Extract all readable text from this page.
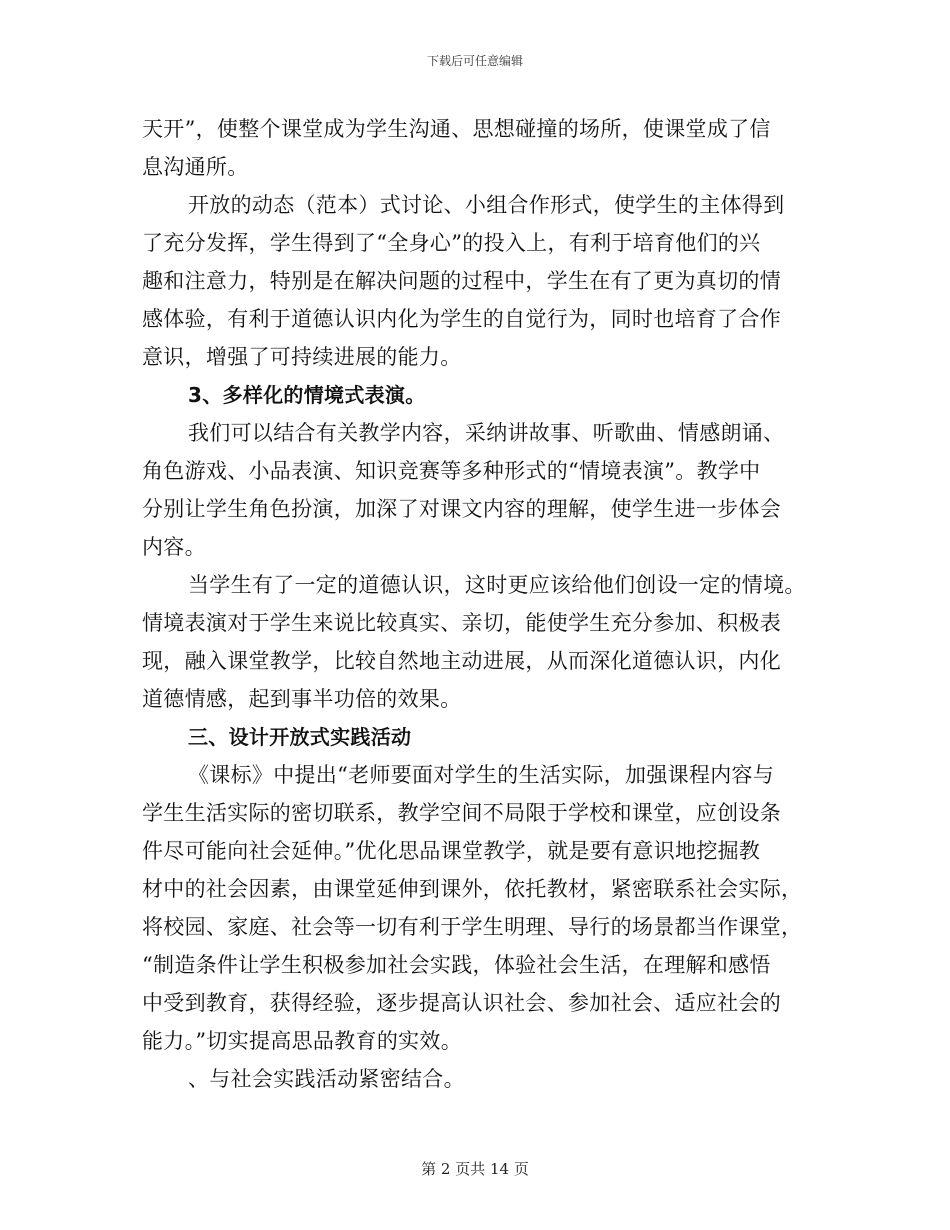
下载后可任意编辑
天开”，使整个课堂成为学生沟通、思想碰撞的场所，使课堂成了信
息沟通所。
开放的动态（范本）式讨论、小组合作形式，使学生的主体得到
了充分发挥，学生得到了“全身心”的投入上，有利于培育他们的兴
趣和注意力，特别是在解决问题的过程中，学生在有了更为真切的情
感体验，有利于道德认识内化为学生的自觉行为，同时也培育了合作
意识，增强了可持续进展的能力。
3、多样化的情境式表演。
我们可以结合有关教学内容，采纳讲故事、听歌曲、情感朗诵、
角色游戏、小品表演、知识竞赛等多种形式的“情境表演”。教学中
分别让学生角色扮演，加深了对课文内容的理解，使学生进一步体会
内容。
当学生有了一定的道德认识，这时更应该给他们创设一定的情境。
情境表演对于学生来说比较真实、亲切，能使学生充分参加、积极表
现，融入课堂教学，比较自然地主动进展，从而深化道德认识，内化
道德情感，起到事半功倍的效果。
三、设计开放式实践活动
《课标》中提出“老师要面对学生的生活实际，加强课程内容与
学生生活实际的密切联系，教学空间不局限于学校和课堂，应创设条
件尽可能向社会延伸。”优化思品课堂教学，就是要有意识地挖掘教
材中的社会因素，由课堂延伸到课外，依托教材，紧密联系社会实际，
将校园、家庭、社会等一切有利于学生明理、导行的场景都当作课堂，
“制造条件让学生积极参加社会实践，体验社会生活，在理解和感悟
中受到教育，获得经验，逐步提高认识社会、参加社会、适应社会的
能力。”切实提高思品教育的实效。
、与社会实践活动紧密结合。
第 2 页共 14 页
